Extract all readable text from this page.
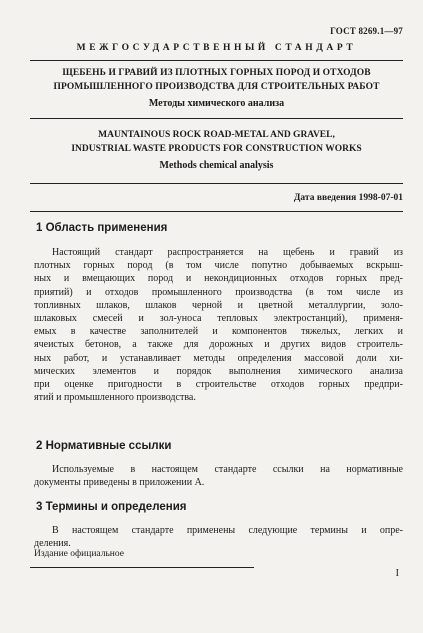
ГОСТ 8269.1—97
МЕЖГОСУДАРСТВЕННЫЙ СТАНДАРТ
ЩЕБЕНЬ И ГРАВИЙ ИЗ ПЛОТНЫХ ГОРНЫХ ПОРОД И ОТХОДОВ
ПРОМЫШЛЕННОГО ПРОИЗВОДСТВА ДЛЯ СТРОИТЕЛЬНЫХ РАБОТ
Методы химического анализа
MAUNTAINOUS ROCK ROAD-METAL AND GRAVEL,
INDUSTRIAL WASTE PRODUCTS FOR CONSTRUCTION WORKS
Methods chemical analysis
Дата введения 1998-07-01
1 Область применения
Настоящий стандарт распространяется на щебень и гравий из
плотных горных пород (в том числе попутно добываемых вскрыш-
ных и вмещающих пород и некондиционных отходов горных пред-
приятий) и отходов промышленного производства (в том числе из
топливных шлаков, шлаков черной и цветной металлургии, золо-
шлаковых смесей и зол-уноса тепловых электростанций), применя-
емых в качестве заполнителей и компонентов тяжелых, легких и
ячеистых бетонов, а также для дорожных и других видов строитель-
ных работ, и устанавливает методы определения массовой доли хи-
мических элементов и порядок выполнения химического анализа
при оценке пригодности в строительстве отходов горных предпри-
ятий и промышленного производства.
2 Нормативные ссылки
Используемые в настоящем стандарте ссылки на нормативные
документы приведены в приложении А.
3 Термины и определения
В настоящем стандарте применены следующие термины и опре-
деления.
Издание официальное
I
